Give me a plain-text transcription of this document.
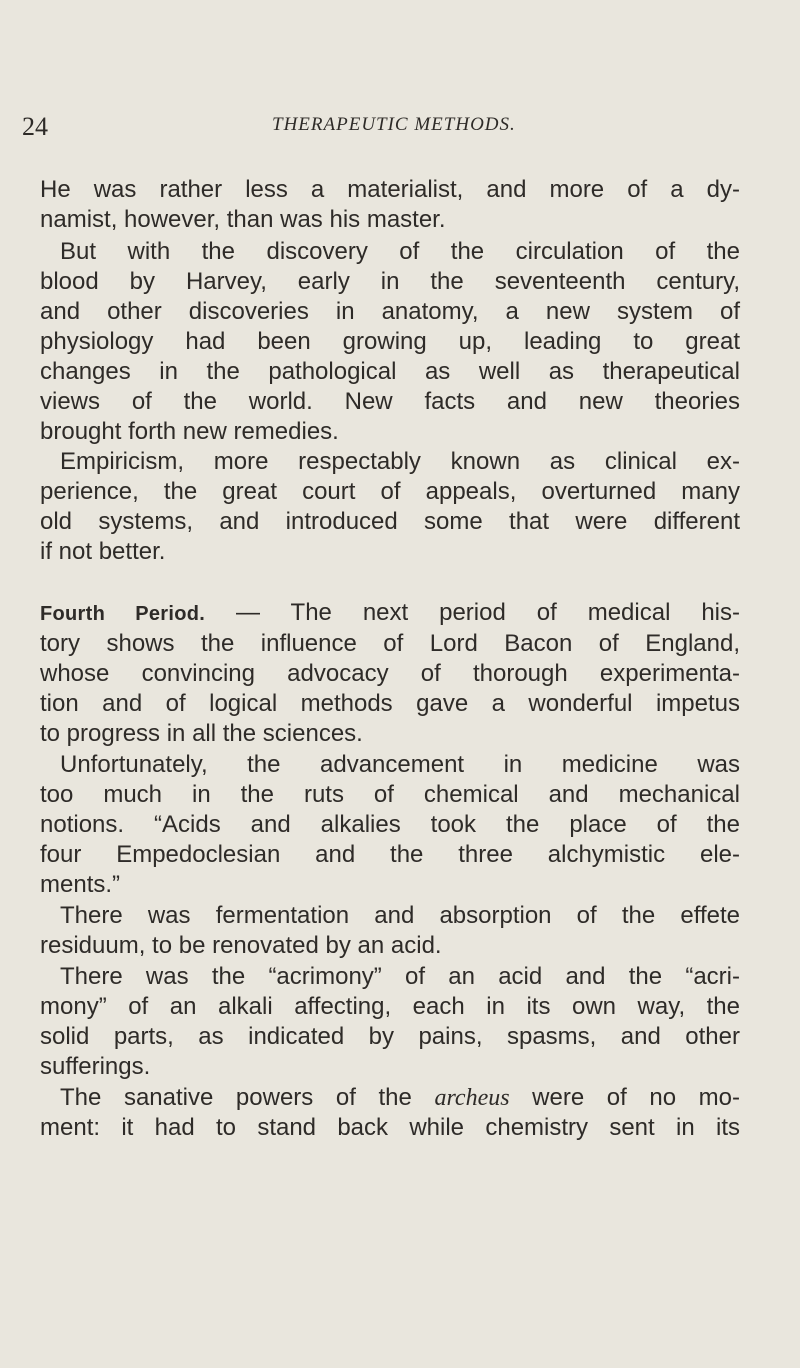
24	THERAPEUTIC METHODS.
He was rather less a materialist, and more of a dy-
namist, however, than was his master.
But with the discovery of the circulation of the
blood by Harvey, early in the seventeenth century,
and other discoveries in anatomy, a new system of
physiology had been growing up, leading to great
changes in the pathological as well as therapeutical
views of the world. New facts and new theories
brought forth new remedies.
Empiricism, more respectably known as clinical ex-
perience, the great court of appeals, overturned many
old systems, and introduced some that were different
if not better.
Fourth Period. — The next period of medical his-
tory shows the influence of Lord Bacon of England,
whose convincing advocacy of thorough experimenta-
tion and of logical methods gave a wonderful impetus
to progress in all the sciences.
Unfortunately, the advancement in medicine was
too much in the ruts of chemical and mechanical
notions. “Acids and alkalies took the place of the
four Empedoclesian and the three alchymistic ele-
ments.”
There was fermentation and absorption of the effete
residuum, to be renovated by an acid.
There was the “acrimony” of an acid and the “acri-
mony” of an alkali affecting, each in its own way, the
solid parts, as indicated by pains, spasms, and other
sufferings.
The sanative powers of the archeus were of no mo-
ment: it had to stand back while chemistry sent in its
